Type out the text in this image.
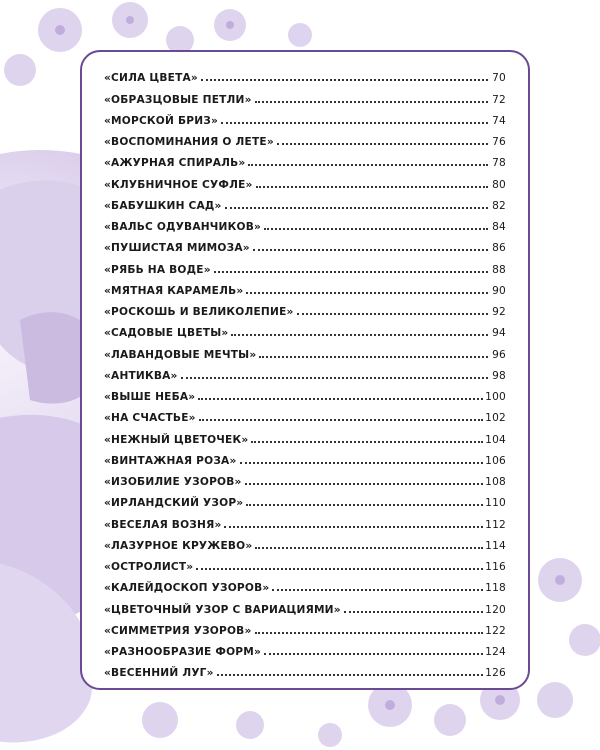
«СИЛА ЦВЕТА»	70
«ОБРАЗЦОВЫЕ ПЕТЛИ»	72
«МОРСКОЙ БРИЗ»	74
«ВОСПОМИНАНИЯ О ЛЕТЕ»	76
«АЖУРНАЯ СПИРАЛЬ»	78
«КЛУБНИЧНОЕ СУФЛЕ»	80
«БАБУШКИН САД»	82
«ВАЛЬС ОДУВАНЧИКОВ»	84
«ПУШИСТАЯ МИМОЗА»	86
«РЯБЬ НА ВОДЕ»	88
«МЯТНАЯ КАРАМЕЛЬ»	90
«РОСКОШЬ И ВЕЛИКОЛЕПИЕ»	92
«САДОВЫЕ ЦВЕТЫ»	94
«ЛАВАНДОВЫЕ МЕЧТЫ»	96
«АНТИКВА»	98
«ВЫШЕ НЕБА»	100
«НА СЧАСТЬЕ»	102
«НЕЖНЫЙ ЦВЕТОЧЕК»	104
«ВИНТАЖНАЯ РОЗА»	106
«ИЗОБИЛИЕ УЗОРОВ»	108
«ИРЛАНДСКИЙ УЗОР»	110
«ВЕСЕЛАЯ ВОЗНЯ»	112
«ЛАЗУРНОЕ КРУЖЕВО»	114
«ОСТРОЛИСТ»	116
«КАЛЕЙДОСКОП УЗОРОВ»	118
«ЦВЕТОЧНЫЙ УЗОР С ВАРИАЦИЯМИ»	120
«СИММЕТРИЯ УЗОРОВ»	122
«РАЗНООБРАЗИЕ ФОРМ»	124
«ВЕСЕННИЙ ЛУГ»	126
